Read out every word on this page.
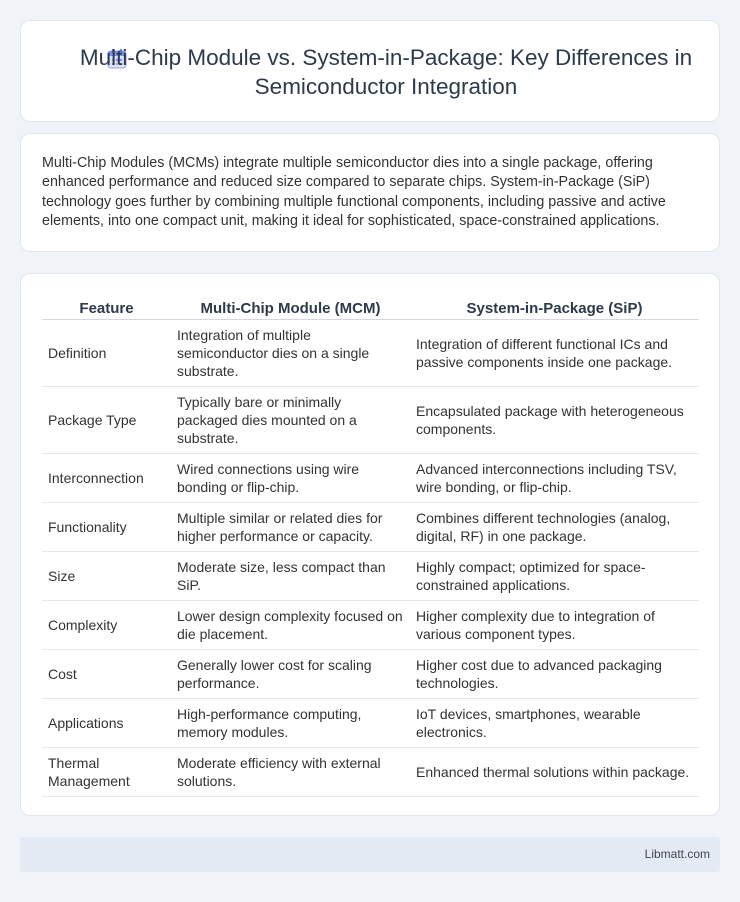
Multi-Chip Module vs. System-in-Package: Key Differences in Semiconductor Integration

Multi-Chip Modules (MCMs) integrate multiple semiconductor dies into a single package, offering enhanced performance and reduced size compared to separate chips. System-in-Package (SiP) technology goes further by combining multiple functional components, including passive and active elements, into one compact unit, making it ideal for sophisticated, space-constrained applications.

Feature	Multi-Chip Module (MCM)	System-in-Package (SiP)
Definition	Integration of multiple semiconductor dies on a single substrate.	Integration of different functional ICs and passive components inside one package.
Package Type	Typically bare or minimally packaged dies mounted on a substrate.	Encapsulated package with heterogeneous components.
Interconnection	Wired connections using wire bonding or flip-chip.	Advanced interconnections including TSV, wire bonding, or flip-chip.
Functionality	Multiple similar or related dies for higher performance or capacity.	Combines different technologies (analog, digital, RF) in one package.
Size	Moderate size, less compact than SiP.	Highly compact; optimized for space-constrained applications.
Complexity	Lower design complexity focused on die placement.	Higher complexity due to integration of various component types.
Cost	Generally lower cost for scaling performance.	Higher cost due to advanced packaging technologies.
Applications	High-performance computing, memory modules.	IoT devices, smartphones, wearable electronics.
Thermal Management	Moderate efficiency with external solutions.	Enhanced thermal solutions within package.
Libmatt.com
